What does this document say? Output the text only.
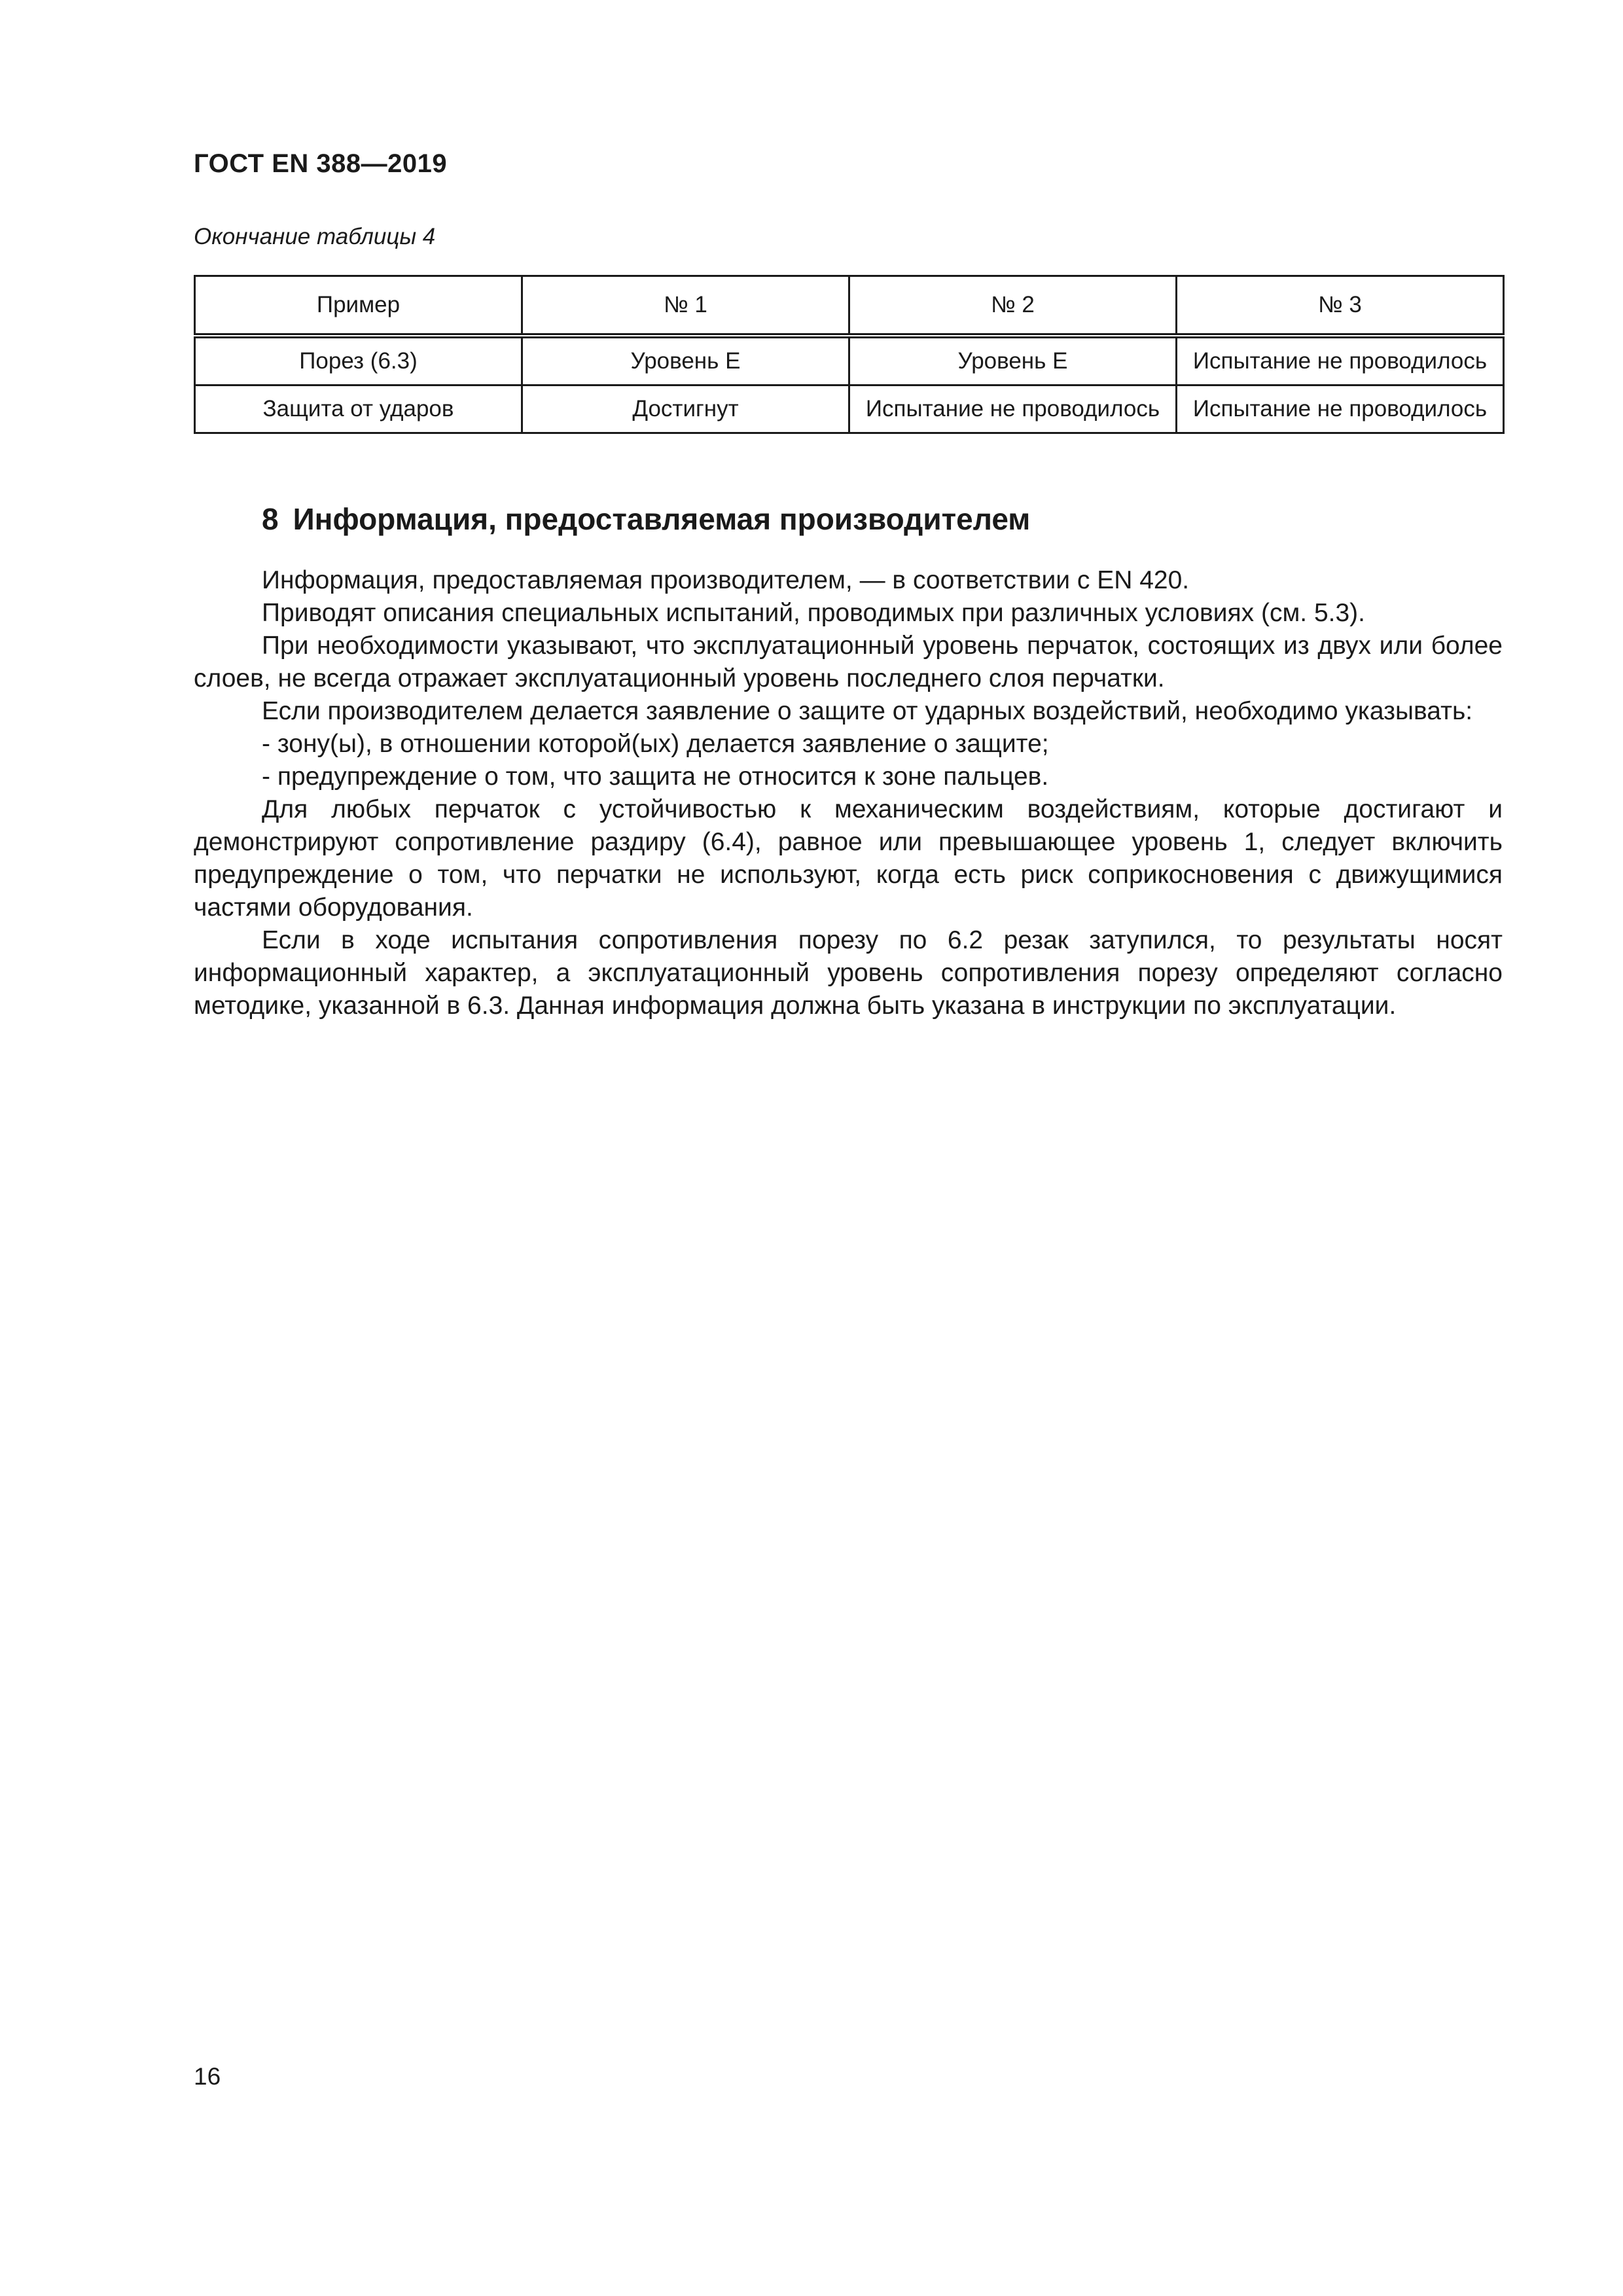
ГОСТ EN 388—2019
Окончание таблицы 4
Пример	№ 1	№ 2	№ 3
Порез (6.3)	Уровень E	Уровень E	Испытание не проводилось
Защита от ударов	Достигнут	Испытание не проводилось	Испытание не проводилось
8 Информация, предоставляемая производителем

Информация, предоставляемая производителем, — в соответствии с EN 420.

Приводят описания специальных испытаний, проводимых при различных условиях (см. 5.3).

При необходимости указывают, что эксплуатационный уровень перчаток, состоящих из двух или более слоев, не всегда отражает эксплуатационный уровень последнего слоя перчатки.

Если производителем делается заявление о защите от ударных воздействий, необходимо указывать:

- зону(ы), в отношении которой(ых) делается заявление о защите;

- предупреждение о том, что защита не относится к зоне пальцев.

Для любых перчаток с устойчивостью к механическим воздействиям, которые достигают и демонстрируют сопротивление раздиру (6.4), равное или превышающее уровень 1, следует включить предупреждение о том, что перчатки не используют, когда есть риск соприкосновения с движущимися частями оборудования.

Если в ходе испытания сопротивления порезу по 6.2 резак затупился, то результаты носят информационный характер, а эксплуатационный уровень сопротивления порезу определяют согласно методике, указанной в 6.3. Данная информация должна быть указана в инструкции по эксплуатации.

16
